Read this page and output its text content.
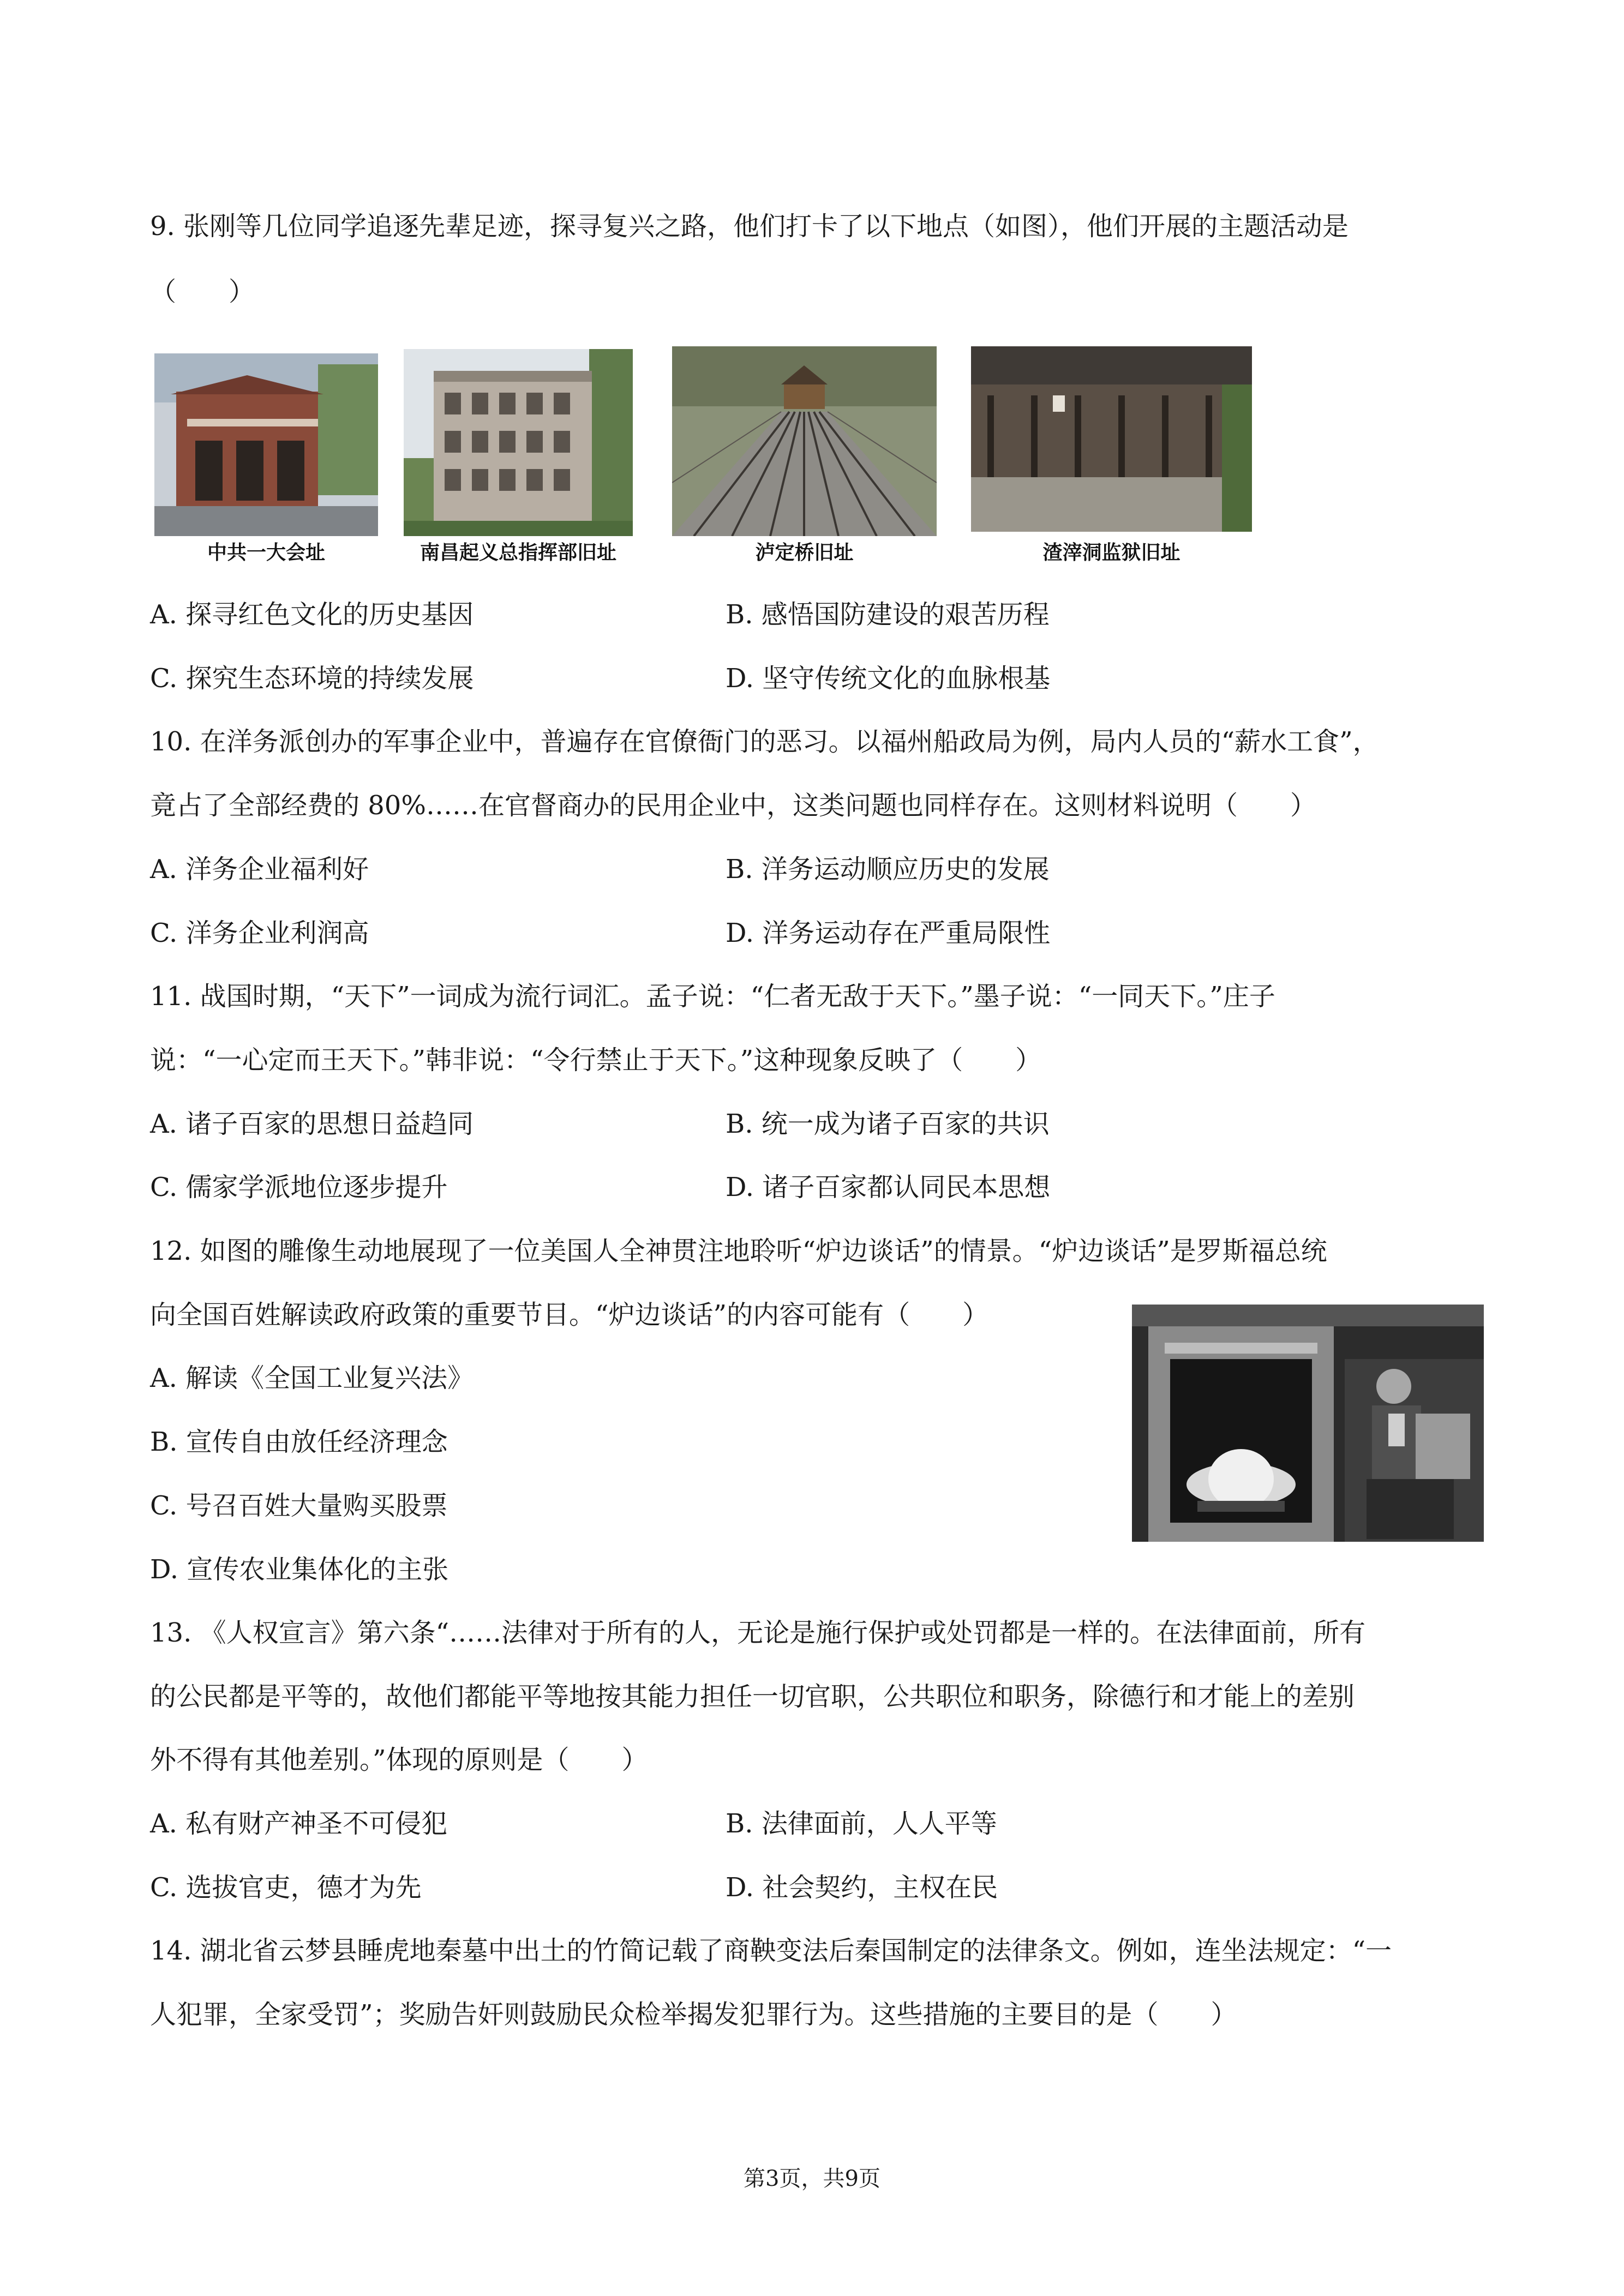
9. 张刚等几位同学追逐先辈足迹，探寻复兴之路，他们打卡了以下地点（如图），他们开展的主题活动是
（　　）
中共一大会址	南昌起义总指挥部旧址	泸定桥旧址	渣滓洞监狱旧址
A. 探寻红色文化的历史基因	B. 感悟国防建设的艰苦历程
C. 探究生态环境的持续发展	D. 坚守传统文化的血脉根基
10. 在洋务派创办的军事企业中，普遍存在官僚衙门的恶习。以福州船政局为例，局内人员的“薪水工食”，
竟占了全部经费的 80%……在官督商办的民用企业中，这类问题也同样存在。这则材料说明（　　）
A. 洋务企业福利好	B. 洋务运动顺应历史的发展
C. 洋务企业利润高	D. 洋务运动存在严重局限性
11. 战国时期，“天下”一词成为流行词汇。孟子说：“仁者无敌于天下。”墨子说：“一同天下。”庄子
说：“一心定而王天下。”韩非说：“令行禁止于天下。”这种现象反映了（　　）
A. 诸子百家的思想日益趋同	B. 统一成为诸子百家的共识
C. 儒家学派地位逐步提升	D. 诸子百家都认同民本思想
12. 如图的雕像生动地展现了一位美国人全神贯注地聆听“炉边谈话”的情景。“炉边谈话”是罗斯福总统
向全国百姓解读政府政策的重要节目。“炉边谈话”的内容可能有（　　）
A. 解读《全国工业复兴法》
B. 宣传自由放任经济理念
C. 号召百姓大量购买股票
D. 宣传农业集体化的主张
13. 《人权宣言》第六条“……法律对于所有的人，无论是施行保护或处罚都是一样的。在法律面前，所有
的公民都是平等的，故他们都能平等地按其能力担任一切官职，公共职位和职务，除德行和才能上的差别
外不得有其他差别。”体现的原则是（　　）
A. 私有财产神圣不可侵犯	B. 法律面前，人人平等
C. 选拔官吏，德才为先	D. 社会契约，主权在民
14. 湖北省云梦县睡虎地秦墓中出土的竹简记载了商鞅变法后秦国制定的法律条文。例如，连坐法规定：“一
人犯罪，全家受罚”；奖励告奸则鼓励民众检举揭发犯罪行为。这些措施的主要目的是（　　）
第3页，共9页
